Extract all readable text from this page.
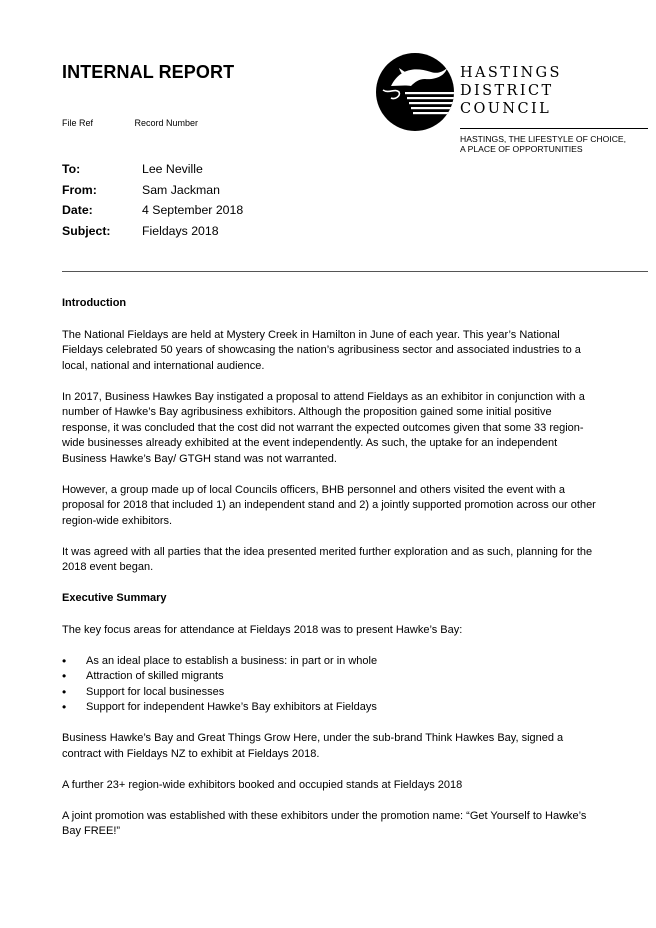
INTERNAL REPORT
File Ref	Record Number
HASTINGS
DISTRICT
COUNCIL
HASTINGS, THE LIFESTYLE OF CHOICE,
A PLACE OF OPPORTUNITIES
To:	Lee Neville
From:	Sam Jackman
Date:	4 September 2018
Subject:	Fieldays 2018
Introduction

The National Fieldays are held at Mystery Creek in Hamilton in June of each year. This year’s National Fieldays celebrated 50 years of showcasing the nation’s agribusiness sector and associated industries to a local, national and international audience.

In 2017, Business Hawkes Bay instigated a proposal to attend Fieldays as an exhibitor in conjunction with a number of Hawke’s Bay agribusiness exhibitors. Although the proposition gained some initial positive response, it was concluded that the cost did not warrant the expected outcomes given that some 33 region-wide businesses already exhibited at the event independently. As such, the uptake for an independent Business Hawke’s Bay/ GTGH stand was not warranted.

However, a group made up of local Councils officers, BHB personnel and others visited the event with a proposal for 2018 that included 1) an independent stand and 2) a jointly supported promotion across our other region-wide exhibitors.

It was agreed with all parties that the idea presented merited further exploration and as such, planning for the 2018 event began.

Executive Summary

The key focus areas for attendance at Fieldays 2018 was to present Hawke’s Bay:

• As an ideal place to establish a business: in part or in whole
• Attraction of skilled migrants
• Support for local businesses
• Support for independent Hawke’s Bay exhibitors at Fieldays

Business Hawke’s Bay and Great Things Grow Here, under the sub-brand Think Hawkes Bay, signed a contract with Fieldays NZ to exhibit at Fieldays 2018.

A further 23+ region-wide exhibitors booked and occupied stands at Fieldays 2018

A joint promotion was established with these exhibitors under the promotion name: “Get Yourself to Hawke’s Bay FREE!”
